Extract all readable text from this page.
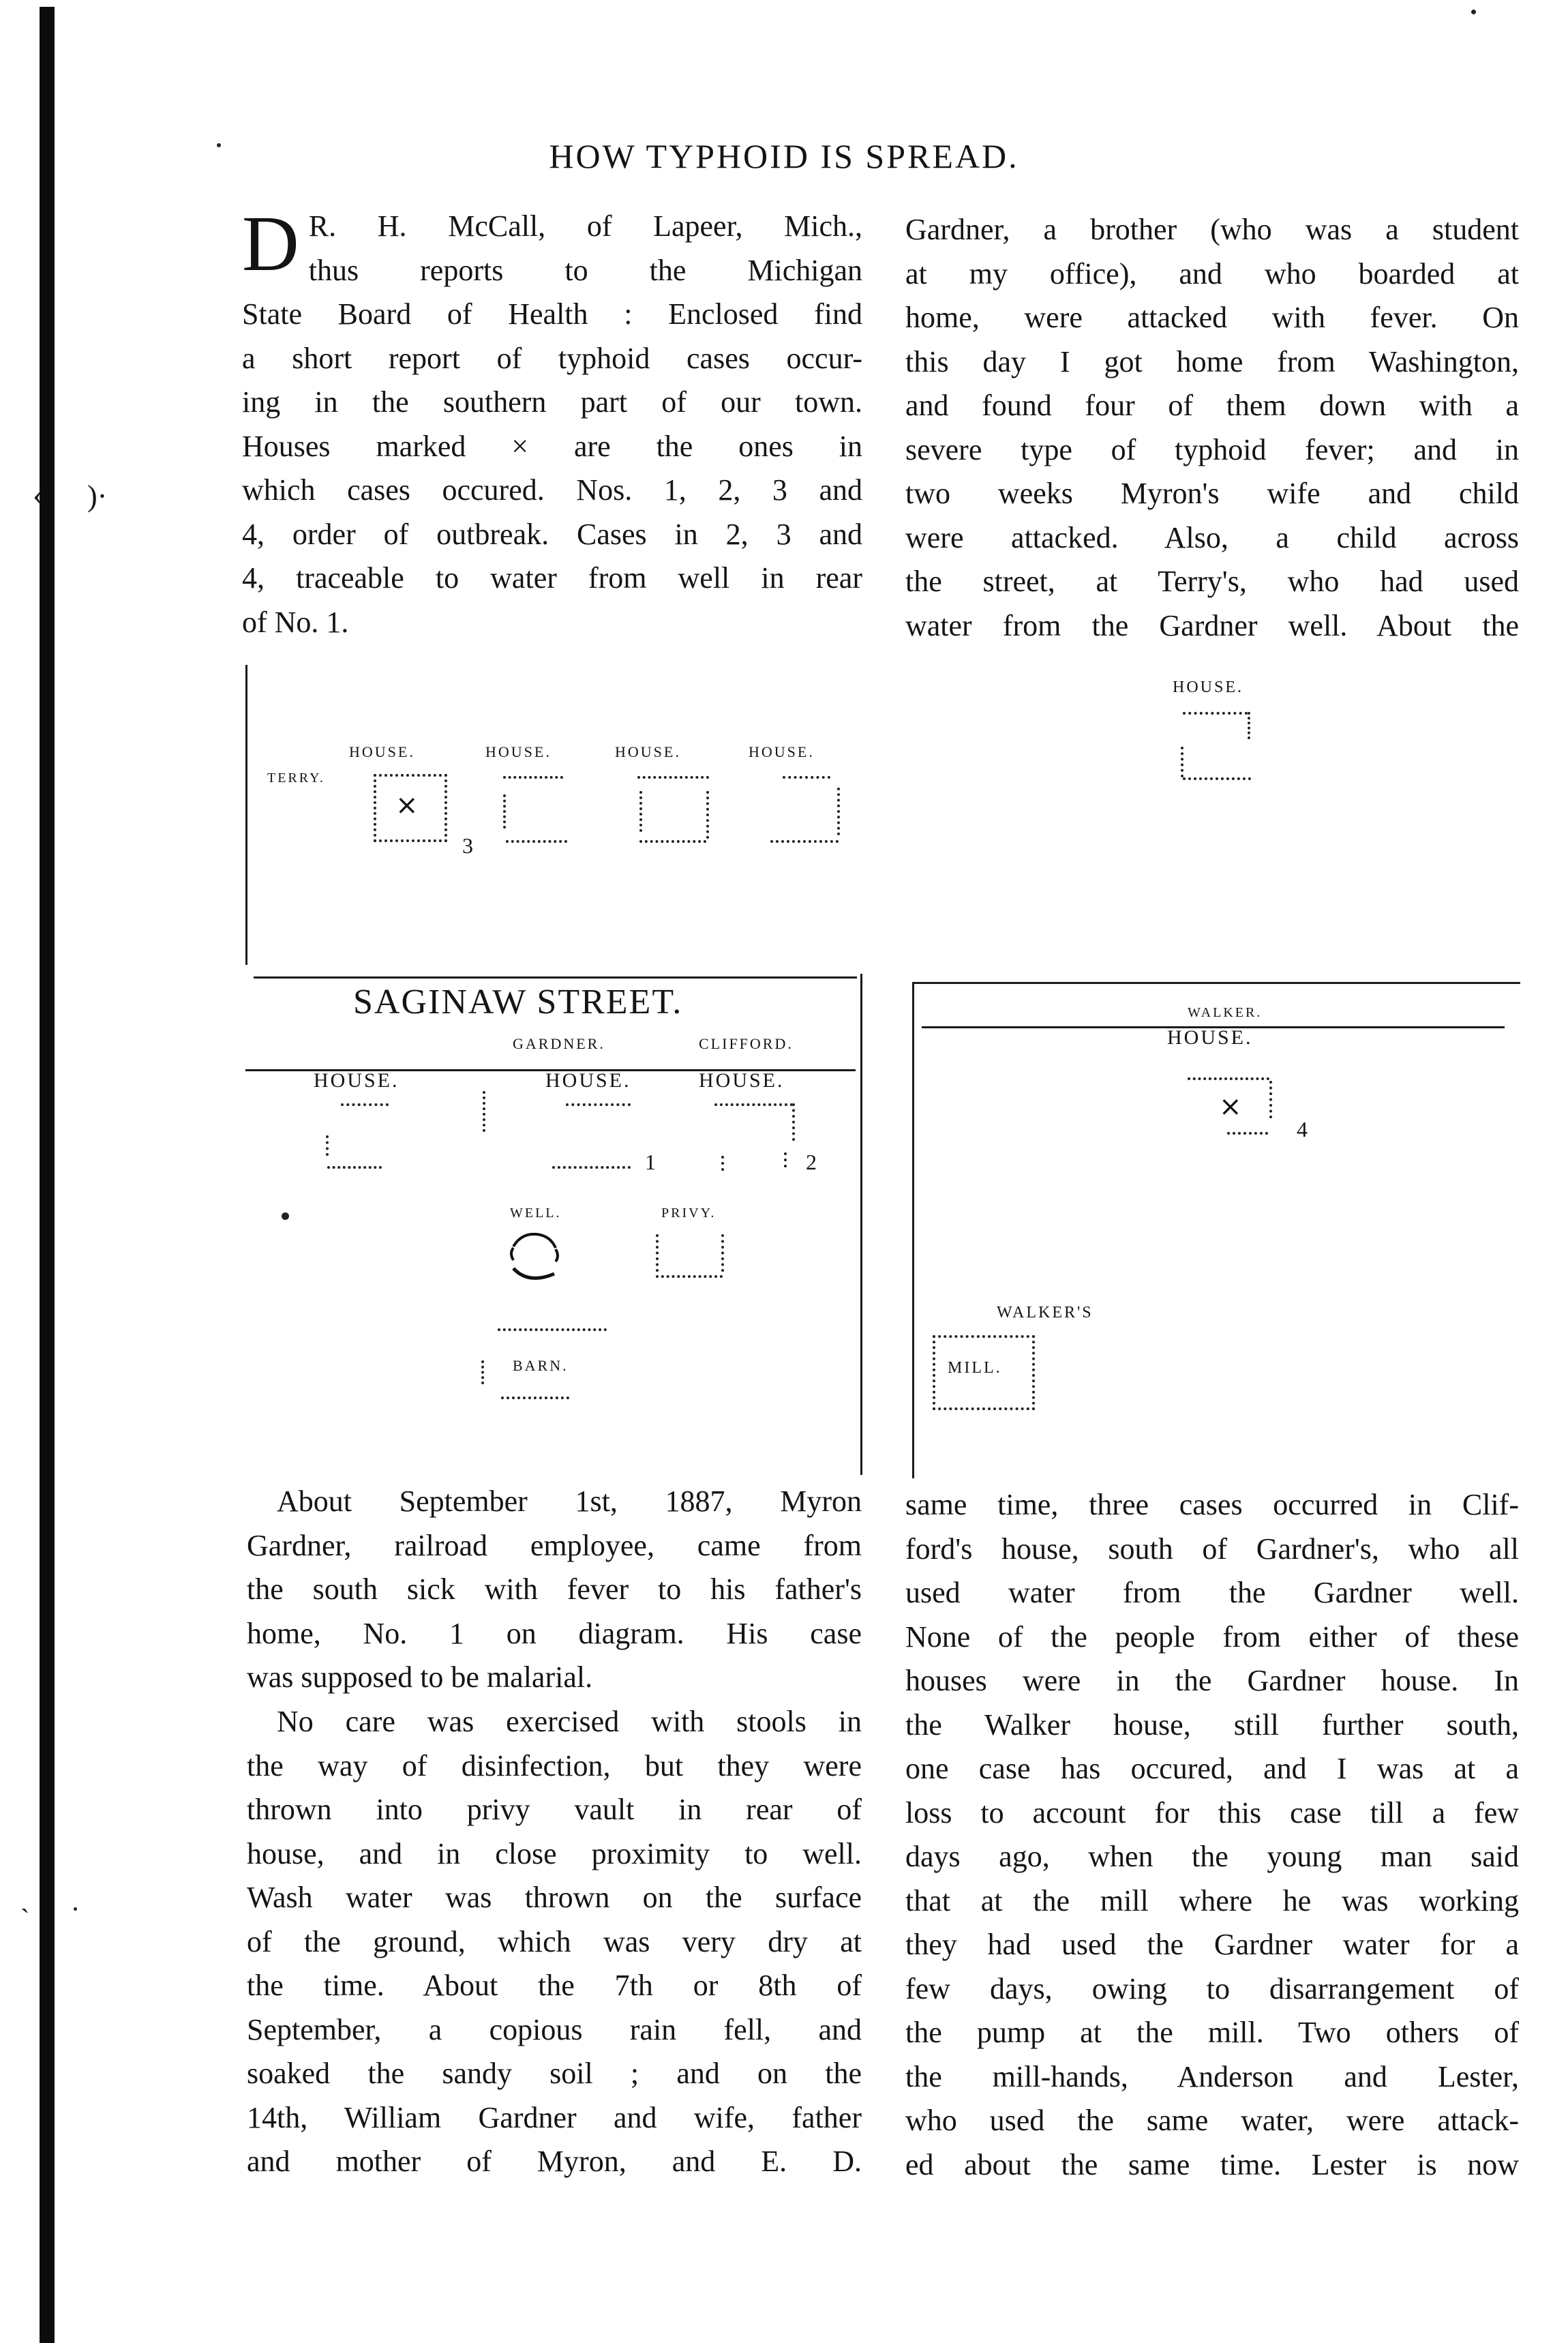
‹ )·
HOW TYPHOID IS SPREAD.
D R. H. McCall, of Lapeer, Mich.,
thus reports to the Michigan
State Board of Health : Enclosed find
a short report of typhoid cases occur-
ing in the southern part of our town.
Houses marked × are the ones in
which cases occured. Nos. 1, 2, 3 and
4, order of outbreak. Cases in 2, 3 and
4, traceable to water from well in rear
of No. 1.
Gardner, a brother (who was a student
at my office), and who boarded at
home, were attacked with fever. On
this day I got home from Washington,
and found four of them down with a
severe type of typhoid fever; and in
two weeks Myron's wife and child
were attacked. Also, a child across
the street, at Terry's, who had used
water from the Gardner well. About the
HOUSE.	HOUSE.	HOUSE.	HOUSE.
TERRY.
×
3
HOUSE.
SAGINAW STREET.
GARDNER.	CLIFFORD.
HOUSE.	HOUSE.	HOUSE.
1	2
WELL.	PRIVY.
BARN.
WALKER.
HOUSE.
×
4
WALKER'S
MILL.
About September 1st, 1887, Myron
Gardner, railroad employee, came from
the south sick with fever to his father's
home, No. 1 on diagram. His case
was supposed to be malarial.
No care was exercised with stools in
the way of disinfection, but they were
thrown into privy vault in rear of
house, and in close proximity to well.
Wash water was thrown on the surface
of the ground, which was very dry at
the time. About the 7th or 8th of
September, a copious rain fell, and
soaked the sandy soil ; and on the
14th, William Gardner and wife, father
and mother of Myron, and E. D.
same time, three cases occurred in Clif-
ford's house, south of Gardner's, who all
used water from the Gardner well.
None of the people from either of these
houses were in the Gardner house. In
the Walker house, still further south,
one case has occured, and I was at a
loss to account for this case till a few
days ago, when the young man said
that at the mill where he was working
they had used the Gardner water for a
few days, owing to disarrangement of
the pump at the mill. Two others of
the mill-hands, Anderson and Lester,
who used the same water, were attack-
ed about the same time. Lester is now
ˋ
